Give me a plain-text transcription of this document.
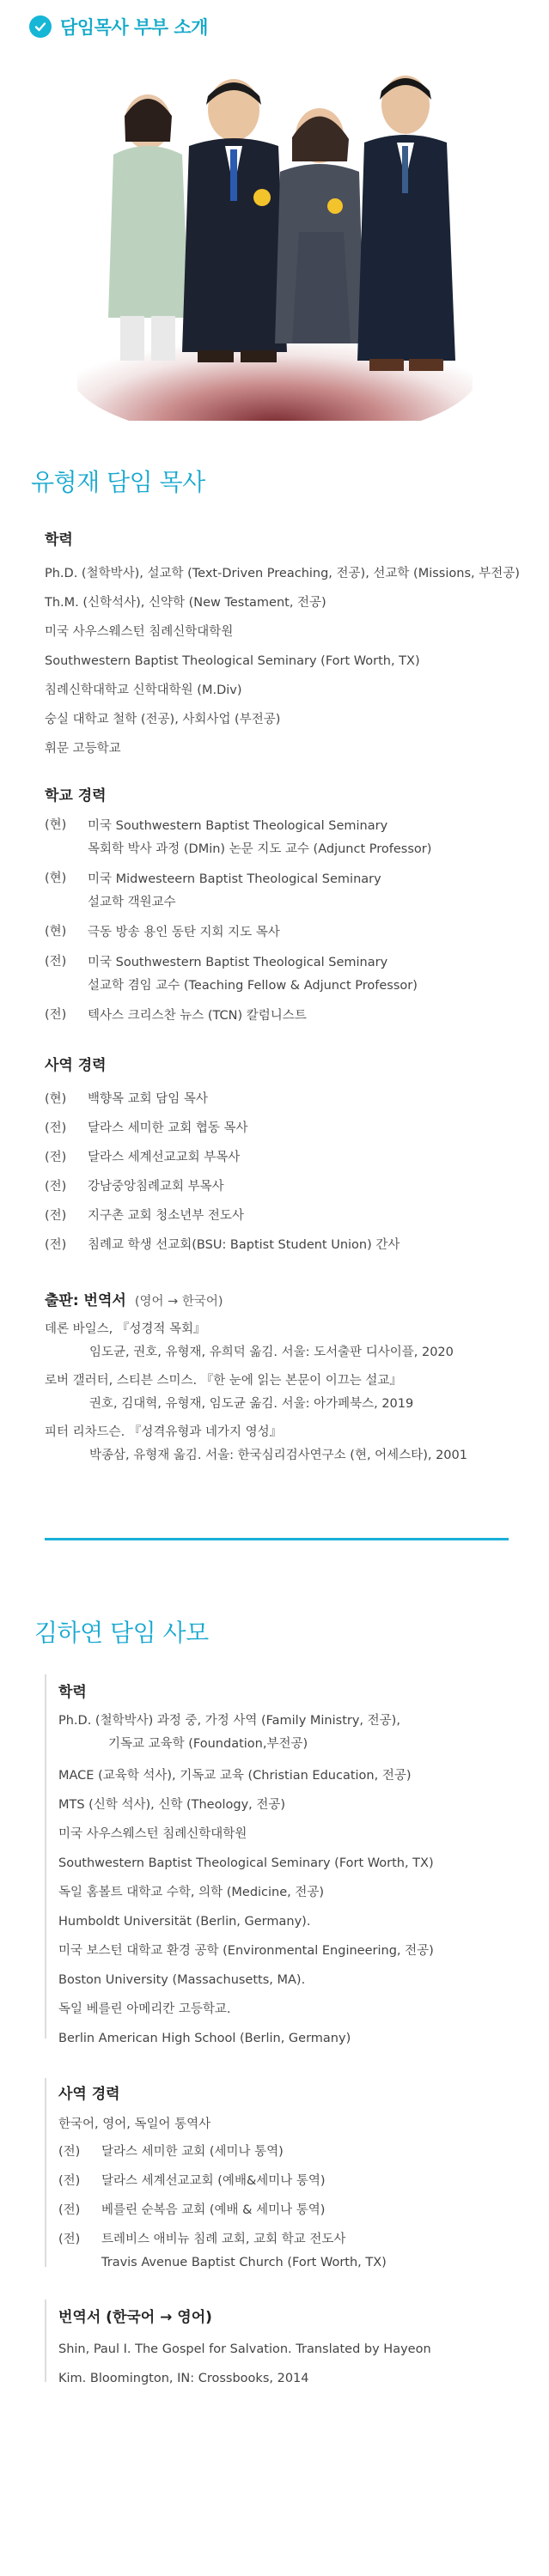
담임목사 부부 소개
유형재 담임 목사
학력
Ph.D. (철학박사), 설교학 (Text-Driven Preaching, 전공), 선교학 (Missions, 부전공)
Th.M. (신학석사), 신약학 (New Testament, 전공)
미국 사우스웨스턴 침례신학대학원
Southwestern Baptist Theological Seminary (Fort Worth, TX)
침례신학대학교 신학대학원 (M.Div)
숭실 대학교 철학 (전공), 사회사업 (부전공)
휘문 고등학교
학교 경력
(현)	미국 Southwestern Baptist Theological Seminary
목회학 박사 과정 (DMin) 논문 지도 교수 (Adjunct Professor)
(현)	미국 Midwesteern Baptist Theological Seminary
설교학 객원교수
(현)	극동 방송 용인 동탄 지회 지도 목사
(전)	미국 Southwestern Baptist Theological Seminary
설교학 겸임 교수 (Teaching Fellow & Adjunct Professor)
(전)	텍사스 크리스찬 뉴스 (TCN) 칼럼니스트
사역 경력
(현)	백향목 교회 담임 목사
(전)	달라스 세미한 교회 협동 목사
(전)	달라스 세계선교교회 부목사
(전)	강남중앙침례교회 부목사
(전)	지구촌 교회 청소년부 전도사
(전)	침례교 학생 선교회(BSU: Baptist Student Union) 간사
출판: 번역서 (영어 → 한국어)
데론 바일스, 『성경적 목회』
임도균, 권호, 유형재, 유희덕 옮김. 서울: 도서출판 디사이플, 2020
로버 갤러터, 스티븐 스미스. 『한 눈에 읽는 본문이 이끄는 설교』
권호, 김대혁, 유형재, 임도균 옮김. 서울: 아가페북스, 2019
피터 리차드슨. 『성격유형과 네가지 영성』
박종삼, 유형재 옮김. 서울: 한국심리검사연구소 (현, 어세스타), 2001
김하연 담임 사모
학력
Ph.D. (철학박사) 과정 중, 가정 사역 (Family Ministry, 전공),
기독교 교육학 (Foundation,부전공)
MACE (교육학 석사), 기독교 교육 (Christian Education, 전공)
MTS (신학 석사), 신학 (Theology, 전공)
미국 사우스웨스턴 침례신학대학원
Southwestern Baptist Theological Seminary (Fort Worth, TX)
독일 홈볼트 대학교 수학, 의학 (Medicine, 전공)
Humboldt Universität (Berlin, Germany).
미국 보스턴 대학교 환경 공학 (Environmental Engineering, 전공)
Boston University (Massachusetts, MA).
독일 베를린 아메리칸 고등학교.
Berlin American High School (Berlin, Germany)
사역 경력
한국어, 영어, 독일어 통역사
(전)	달라스 세미한 교회 (세미나 통역)
(전)	달라스 세계선교교회 (예배&세미나 통역)
(전)	베를린 순복음 교회 (예배 & 세미나 통역)
(전)	트레비스 애비뉴 침례 교회, 교회 학교 전도사
Travis Avenue Baptist Church (Fort Worth, TX)
번역서 (한국어 → 영어)
Shin, Paul I. The Gospel for Salvation. Translated by Hayeon
Kim. Bloomington, IN: Crossbooks, 2014
